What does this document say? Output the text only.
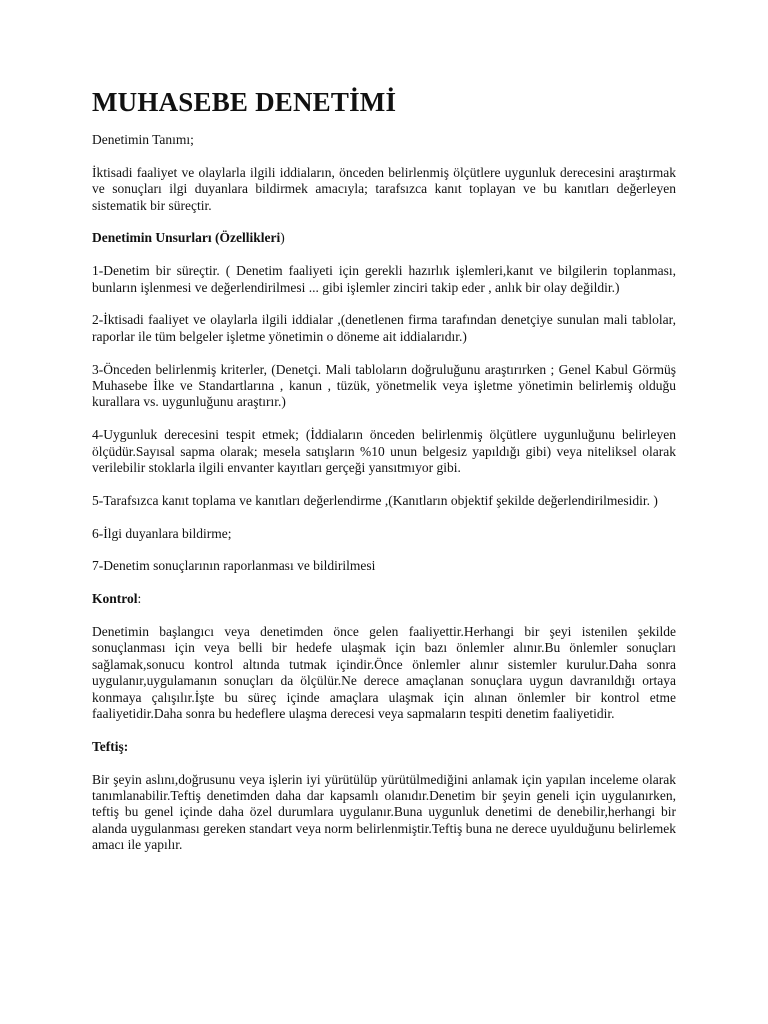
MUHASEBE DENETİMİ

Denetimin Tanımı;

İktisadi faaliyet ve olaylarla ilgili iddiaların, önceden belirlenmiş ölçütlere uygunluk derecesini araştırmak ve sonuçları ilgi duyanlara bildirmek amacıyla; tarafsızca kanıt toplayan ve bu kanıtları değerleyen sistematik bir süreçtir.

Denetimin Unsurları (Özellikleri)

1-Denetim bir süreçtir. ( Denetim faaliyeti için gerekli hazırlık işlemleri,kanıt ve bilgilerin toplanması, bunların işlenmesi ve değerlendirilmesi ... gibi işlemler zinciri takip eder , anlık bir olay değildir.)

2-İktisadi faaliyet ve olaylarla ilgili iddialar ,(denetlenen firma tarafından denetçiye sunulan mali tablolar, raporlar ile tüm belgeler işletme yönetimin o döneme ait iddialarıdır.)

3-Önceden belirlenmiş kriterler, (Denetçi. Mali tabloların doğruluğunu araştırırken ; Genel Kabul Görmüş Muhasebe İlke ve Standartlarına , kanun , tüzük, yönetmelik veya işletme yönetimin belirlemiş olduğu kurallara vs. uygunluğunu araştırır.)

4-Uygunluk derecesini tespit etmek; (İddiaların önceden belirlenmiş ölçütlere uygunluğunu belirleyen ölçüdür.Sayısal sapma olarak; mesela satışların %10 unun belgesiz yapıldığı gibi) veya niteliksel olarak verilebilir stoklarla ilgili envanter kayıtları gerçeği yansıtmıyor gibi.

5-Tarafsızca kanıt toplama ve kanıtları değerlendirme ,(Kanıtların objektif şekilde değerlendirilmesidir. )

6-İlgi duyanlara bildirme;

7-Denetim sonuçlarının raporlanması ve bildirilmesi

Kontrol:

Denetimin başlangıcı veya denetimden önce gelen faaliyettir.Herhangi bir şeyi istenilen şekilde sonuçlanması için veya belli bir hedefe ulaşmak için bazı önlemler alınır.Bu önlemler sonuçları sağlamak,sonucu kontrol altında tutmak içindir.Önce önlemler alınır sistemler kurulur.Daha sonra uygulanır,uygulamanın sonuçları da ölçülür.Ne derece amaçlanan sonuçlara uygun davranıldığı ortaya konmaya çalışılır.İşte bu süreç içinde amaçlara ulaşmak için alınan önlemler bir kontrol etme faaliyetidir.Daha sonra bu hedeflere ulaşma derecesi veya sapmaların tespiti denetim faaliyetidir.

Teftiş:

Bir şeyin aslını,doğrusunu veya işlerin iyi yürütülüp yürütülmediğini anlamak için yapılan inceleme olarak tanımlanabilir.Teftiş denetimden daha dar kapsamlı olanıdır.Denetim bir şeyin geneli için uygulanırken, teftiş bu genel içinde daha özel durumlara uygulanır.Buna uygunluk denetimi de denebilir,herhangi bir alanda uygulanması gereken standart veya norm belirlenmiştir.Teftiş buna ne derece uyulduğunu belirlemek amacı ile yapılır.
